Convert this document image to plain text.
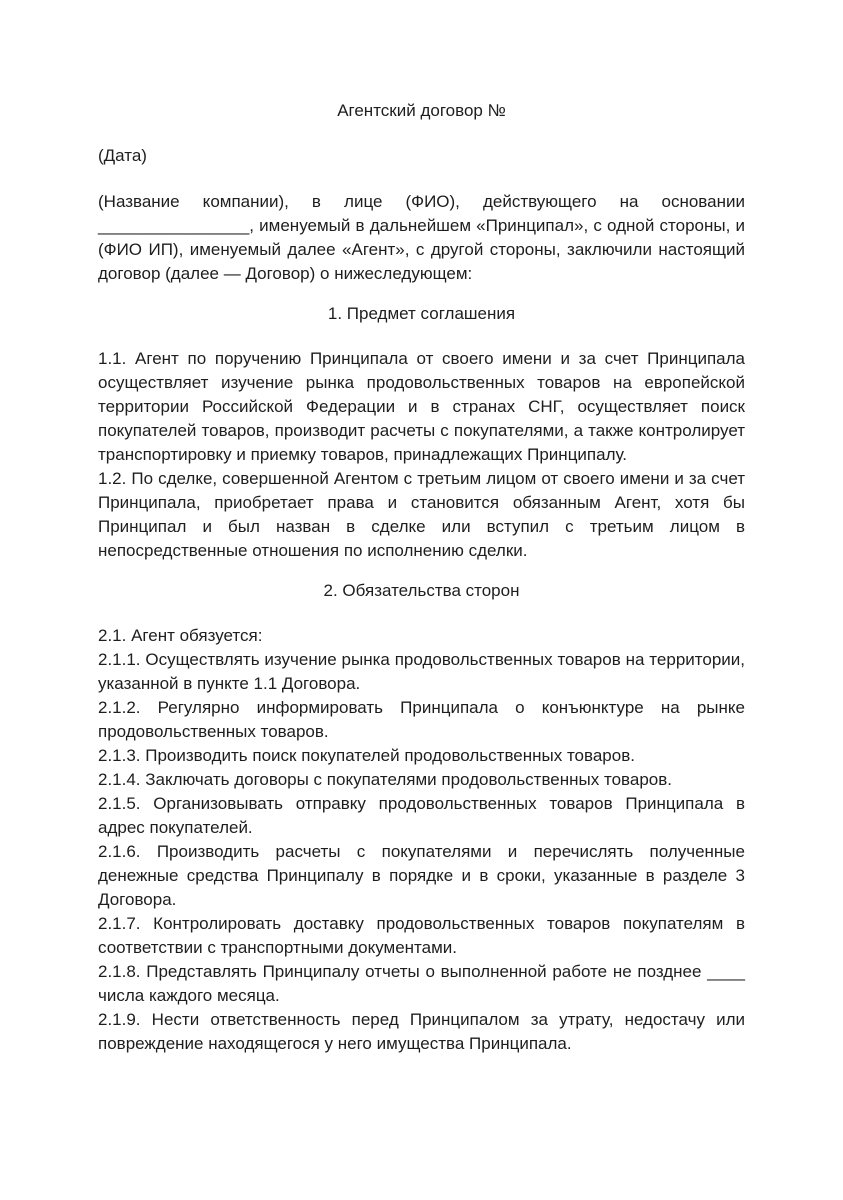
Агентский договор №

(Дата)

(Название компании), в лице (ФИО), действующего на основании ________________, именуемый в дальнейшем «Принципал», с одной стороны, и (ФИО ИП), именуемый далее «Агент», с другой стороны, заключили настоящий договор (далее — Договор) о нижеследующем:

1. Предмет соглашения

1.1. Агент по поручению Принципала от своего имени и за счет Принципала осуществляет изучение рынка продовольственных товаров на европейской территории Российской Федерации и в странах СНГ, осуществляет поиск покупателей товаров, производит расчеты с покупателями, а также контролирует транспортировку и приемку товаров, принадлежащих Принципалу.

1.2. По сделке, совершенной Агентом с третьим лицом от своего имени и за счет Принципала, приобретает права и становится обязанным Агент, хотя бы Принципал и был назван в сделке или вступил с третьим лицом в непосредственные отношения по исполнению сделки.

2. Обязательства сторон

2.1. Агент обязуется:

2.1.1. Осуществлять изучение рынка продовольственных товаров на территории, указанной в пункте 1.1 Договора.

2.1.2. Регулярно информировать Принципала о конъюнктуре на рынке продовольственных товаров.

2.1.3. Производить поиск покупателей продовольственных товаров.

2.1.4. Заключать договоры с покупателями продовольственных товаров.

2.1.5. Организовывать отправку продовольственных товаров Принципала в адрес покупателей.

2.1.6. Производить расчеты с покупателями и перечислять полученные денежные средства Принципалу в порядке и в сроки, указанные в разделе 3 Договора.

2.1.7. Контролировать доставку продовольственных товаров покупателям в соответствии с транспортными документами.

2.1.8. Представлять Принципалу отчеты о выполненной работе не позднее ____ числа каждого месяца.

2.1.9. Нести ответственность перед Принципалом за утрату, недостачу или повреждение находящегося у него имущества Принципала.
